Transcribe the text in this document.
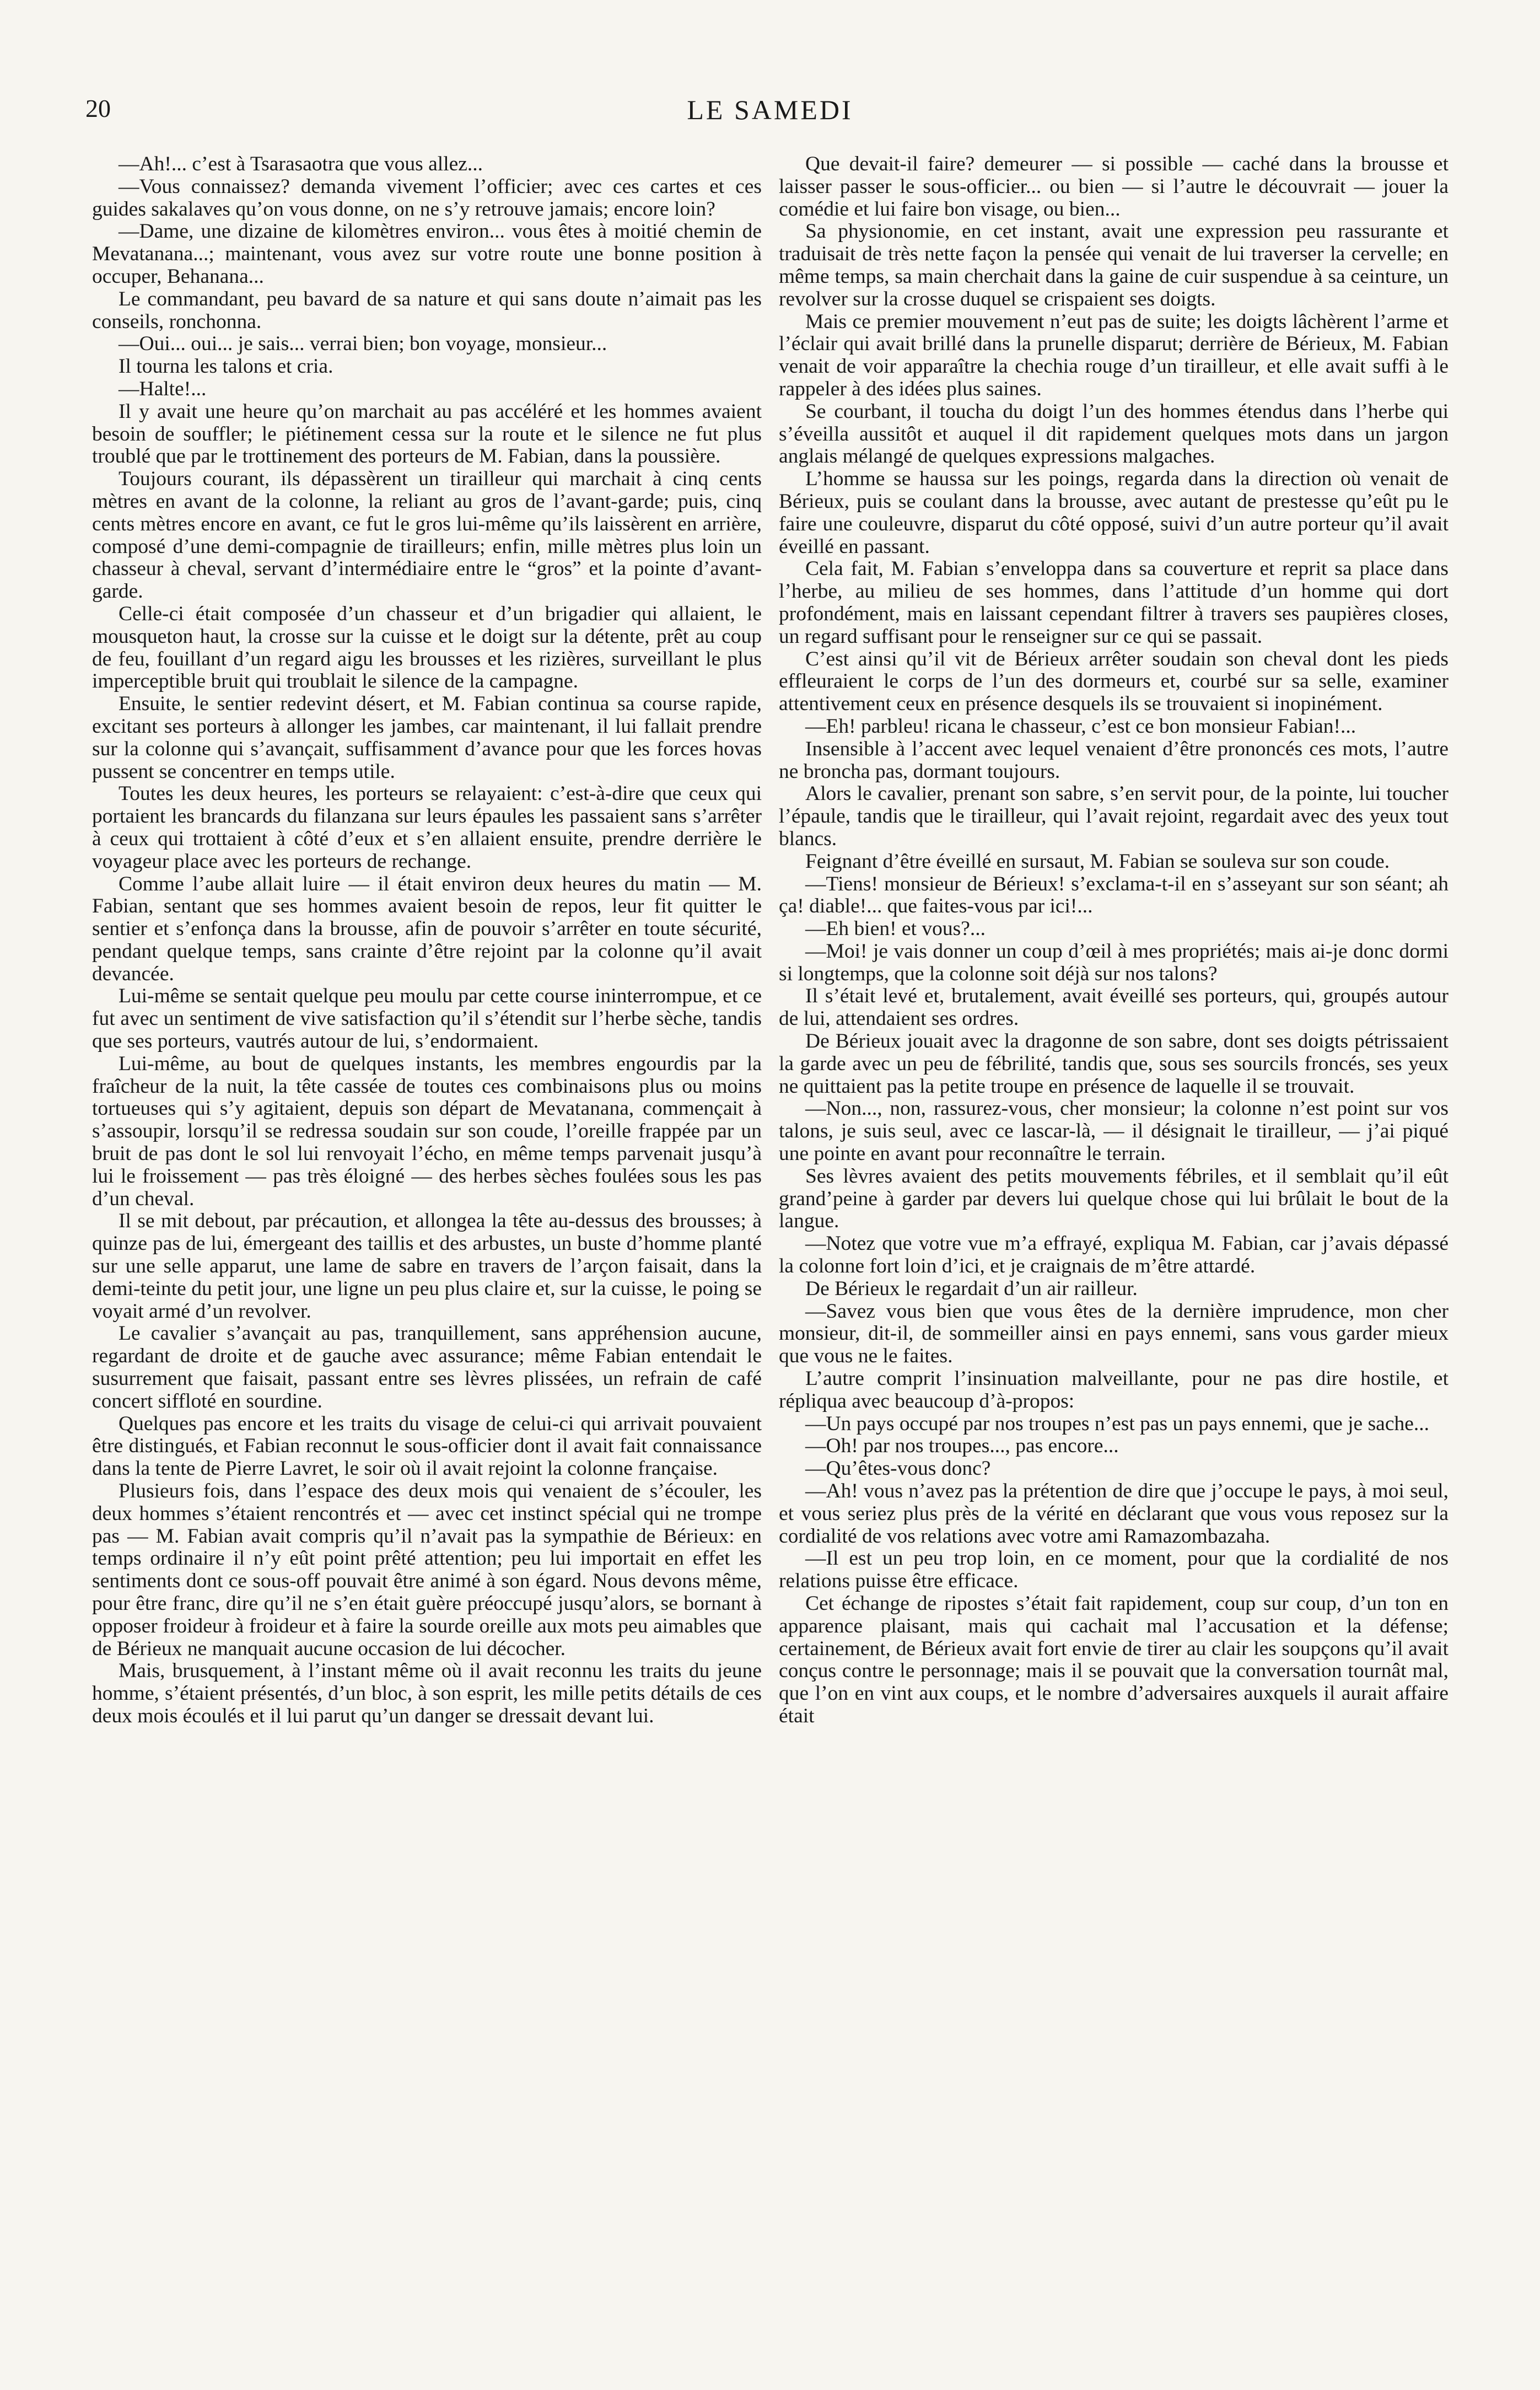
20	LE SAMEDI

—Ah!... c’est à Tsarasaotra que vous allez...

—Vous connaissez? demanda vivement l’officier; avec ces cartes et ces guides sakalaves qu’on vous donne, on ne s’y retrouve jamais; encore loin?

—Dame, une dizaine de kilomètres environ... vous êtes à moitié chemin de Mevatanana...; maintenant, vous avez sur votre route une bonne position à occuper, Behanana...

Le commandant, peu bavard de sa nature et qui sans doute n’aimait pas les conseils, ronchonna.

—Oui... oui... je sais... verrai bien; bon voyage, monsieur...

Il tourna les talons et cria.

—Halte!...

Il y avait une heure qu’on marchait au pas accéléré et les hommes avaient besoin de souffler; le piétinement cessa sur la route et le silence ne fut plus troublé que par le trottinement des porteurs de M. Fabian, dans la poussière.

Toujours courant, ils dépassèrent un tirailleur qui marchait à cinq cents mètres en avant de la colonne, la reliant au gros de l’avant-garde; puis, cinq cents mètres encore en avant, ce fut le gros lui-même qu’ils laissèrent en arrière, composé d’une demi-compagnie de tirailleurs; enfin, mille mètres plus loin un chasseur à cheval, servant d’intermédiaire entre le “gros” et la pointe d’avant-garde.

Celle-ci était composée d’un chasseur et d’un brigadier qui allaient, le mousqueton haut, la crosse sur la cuisse et le doigt sur la détente, prêt au coup de feu, fouillant d’un regard aigu les brousses et les rizières, surveillant le plus imperceptible bruit qui troublait le silence de la campagne.

Ensuite, le sentier redevint désert, et M. Fabian continua sa course rapide, excitant ses porteurs à allonger les jambes, car maintenant, il lui fallait prendre sur la colonne qui s’avançait, suffisamment d’avance pour que les forces hovas pussent se concentrer en temps utile.

Toutes les deux heures, les porteurs se relayaient: c’est-à-dire que ceux qui portaient les brancards du filanzana sur leurs épaules les passaient sans s’arrêter à ceux qui trottaient à côté d’eux et s’en allaient ensuite, prendre derrière le voyageur place avec les porteurs de rechange.

Comme l’aube allait luire — il était environ deux heures du matin — M. Fabian, sentant que ses hommes avaient besoin de repos, leur fit quitter le sentier et s’enfonça dans la brousse, afin de pouvoir s’arrêter en toute sécurité, pendant quelque temps, sans crainte d’être rejoint par la colonne qu’il avait devancée.

Lui-même se sentait quelque peu moulu par cette course ininterrompue, et ce fut avec un sentiment de vive satisfaction qu’il s’étendit sur l’herbe sèche, tandis que ses porteurs, vautrés autour de lui, s’endormaient.

Lui-même, au bout de quelques instants, les membres engourdis par la fraîcheur de la nuit, la tête cassée de toutes ces combinaisons plus ou moins tortueuses qui s’y agitaient, depuis son départ de Mevatanana, commençait à s’assoupir, lorsqu’il se redressa soudain sur son coude, l’oreille frappée par un bruit de pas dont le sol lui renvoyait l’écho, en même temps parvenait jusqu’à lui le froissement — pas très éloigné — des herbes sèches foulées sous les pas d’un cheval.

Il se mit debout, par précaution, et allongea la tête au-dessus des brousses; à quinze pas de lui, émergeant des taillis et des arbustes, un buste d’homme planté sur une selle apparut, une lame de sabre en travers de l’arçon faisait, dans la demi-teinte du petit jour, une ligne un peu plus claire et, sur la cuisse, le poing se voyait armé d’un revolver.

Le cavalier s’avançait au pas, tranquillement, sans appréhension aucune, regardant de droite et de gauche avec assurance; même Fabian entendait le susurrement que faisait, passant entre ses lèvres plissées, un refrain de café concert siffloté en sourdine.

Quelques pas encore et les traits du visage de celui-ci qui arrivait pouvaient être distingués, et Fabian reconnut le sous-officier dont il avait fait connaissance dans la tente de Pierre Lavret, le soir où il avait rejoint la colonne française.

Plusieurs fois, dans l’espace des deux mois qui venaient de s’écouler, les deux hommes s’étaient rencontrés et — avec cet instinct spécial qui ne trompe pas — M. Fabian avait compris qu’il n’avait pas la sympathie de Bérieux: en temps ordinaire il n’y eût point prêté attention; peu lui importait en effet les sentiments dont ce sous-off pouvait être animé à son égard. Nous devons même, pour être franc, dire qu’il ne s’en était guère préoccupé jusqu’alors, se bornant à opposer froideur à froideur et à faire la sourde oreille aux mots peu aimables que de Bérieux ne manquait aucune occasion de lui décocher.

Mais, brusquement, à l’instant même où il avait reconnu les traits du jeune homme, s’étaient présentés, d’un bloc, à son esprit, les mille petits détails de ces deux mois écoulés et il lui parut qu’un danger se dressait devant lui.

Que devait-il faire? demeurer — si possible — caché dans la brousse et laisser passer le sous-officier... ou bien — si l’autre le découvrait — jouer la comédie et lui faire bon visage, ou bien...

Sa physionomie, en cet instant, avait une expression peu rassurante et traduisait de très nette façon la pensée qui venait de lui traverser la cervelle; en même temps, sa main cherchait dans la gaine de cuir suspendue à sa ceinture, un revolver sur la crosse duquel se crispaient ses doigts.

Mais ce premier mouvement n’eut pas de suite; les doigts lâchèrent l’arme et l’éclair qui avait brillé dans la prunelle disparut; derrière de Bérieux, M. Fabian venait de voir apparaître la chechia rouge d’un tirailleur, et elle avait suffi à le rappeler à des idées plus saines.

Se courbant, il toucha du doigt l’un des hommes étendus dans l’herbe qui s’éveilla aussitôt et auquel il dit rapidement quelques mots dans un jargon anglais mélangé de quelques expressions malgaches.

L’homme se haussa sur les poings, regarda dans la direction où venait de Bérieux, puis se coulant dans la brousse, avec autant de prestesse qu’eût pu le faire une couleuvre, disparut du côté opposé, suivi d’un autre porteur qu’il avait éveillé en passant.

Cela fait, M. Fabian s’enveloppa dans sa couverture et reprit sa place dans l’herbe, au milieu de ses hommes, dans l’attitude d’un homme qui dort profondément, mais en laissant cependant filtrer à travers ses paupières closes, un regard suffisant pour le renseigner sur ce qui se passait.

C’est ainsi qu’il vit de Bérieux arrêter soudain son cheval dont les pieds effleuraient le corps de l’un des dormeurs et, courbé sur sa selle, examiner attentivement ceux en présence desquels ils se trouvaient si inopinément.

—Eh! parbleu! ricana le chasseur, c’est ce bon monsieur Fabian!...

Insensible à l’accent avec lequel venaient d’être prononcés ces mots, l’autre ne broncha pas, dormant toujours.

Alors le cavalier, prenant son sabre, s’en servit pour, de la pointe, lui toucher l’épaule, tandis que le tirailleur, qui l’avait rejoint, regardait avec des yeux tout blancs.

Feignant d’être éveillé en sursaut, M. Fabian se souleva sur son coude.

—Tiens! monsieur de Bérieux! s’exclama-t-il en s’asseyant sur son séant; ah ça! diable!... que faites-vous par ici!...

—Eh bien! et vous?...

—Moi! je vais donner un coup d’œil à mes propriétés; mais ai-je donc dormi si longtemps, que la colonne soit déjà sur nos talons?

Il s’était levé et, brutalement, avait éveillé ses porteurs, qui, groupés autour de lui, attendaient ses ordres.

De Bérieux jouait avec la dragonne de son sabre, dont ses doigts pétrissaient la garde avec un peu de fébrilité, tandis que, sous ses sourcils froncés, ses yeux ne quittaient pas la petite troupe en présence de laquelle il se trouvait.

—Non..., non, rassurez-vous, cher monsieur; la colonne n’est point sur vos talons, je suis seul, avec ce lascar-là, — il désignait le tirailleur, — j’ai piqué une pointe en avant pour reconnaître le terrain.

Ses lèvres avaient des petits mouvements fébriles, et il semblait qu’il eût grand’peine à garder par devers lui quelque chose qui lui brûlait le bout de la langue.

—Notez que votre vue m’a effrayé, expliqua M. Fabian, car j’avais dépassé la colonne fort loin d’ici, et je craignais de m’être attardé.

De Bérieux le regardait d’un air railleur.

—Savez vous bien que vous êtes de la dernière imprudence, mon cher monsieur, dit-il, de sommeiller ainsi en pays ennemi, sans vous garder mieux que vous ne le faites.

L’autre comprit l’insinuation malveillante, pour ne pas dire hostile, et répliqua avec beaucoup d’à-propos:

—Un pays occupé par nos troupes n’est pas un pays ennemi, que je sache...

—Oh! par nos troupes..., pas encore...

—Qu’êtes-vous donc?

—Ah! vous n’avez pas la prétention de dire que j’occupe le pays, à moi seul, et vous seriez plus près de la vérité en déclarant que vous vous reposez sur la cordialité de vos relations avec votre ami Ramazombazaha.

—Il est un peu trop loin, en ce moment, pour que la cordialité de nos relations puisse être efficace.

Cet échange de ripostes s’était fait rapidement, coup sur coup, d’un ton en apparence plaisant, mais qui cachait mal l’accusation et la défense; certainement, de Bérieux avait fort envie de tirer au clair les soupçons qu’il avait conçus contre le personnage; mais il se pouvait que la conversation tournât mal, que l’on en vint aux coups, et le nombre d’adversaires auxquels il aurait affaire était
